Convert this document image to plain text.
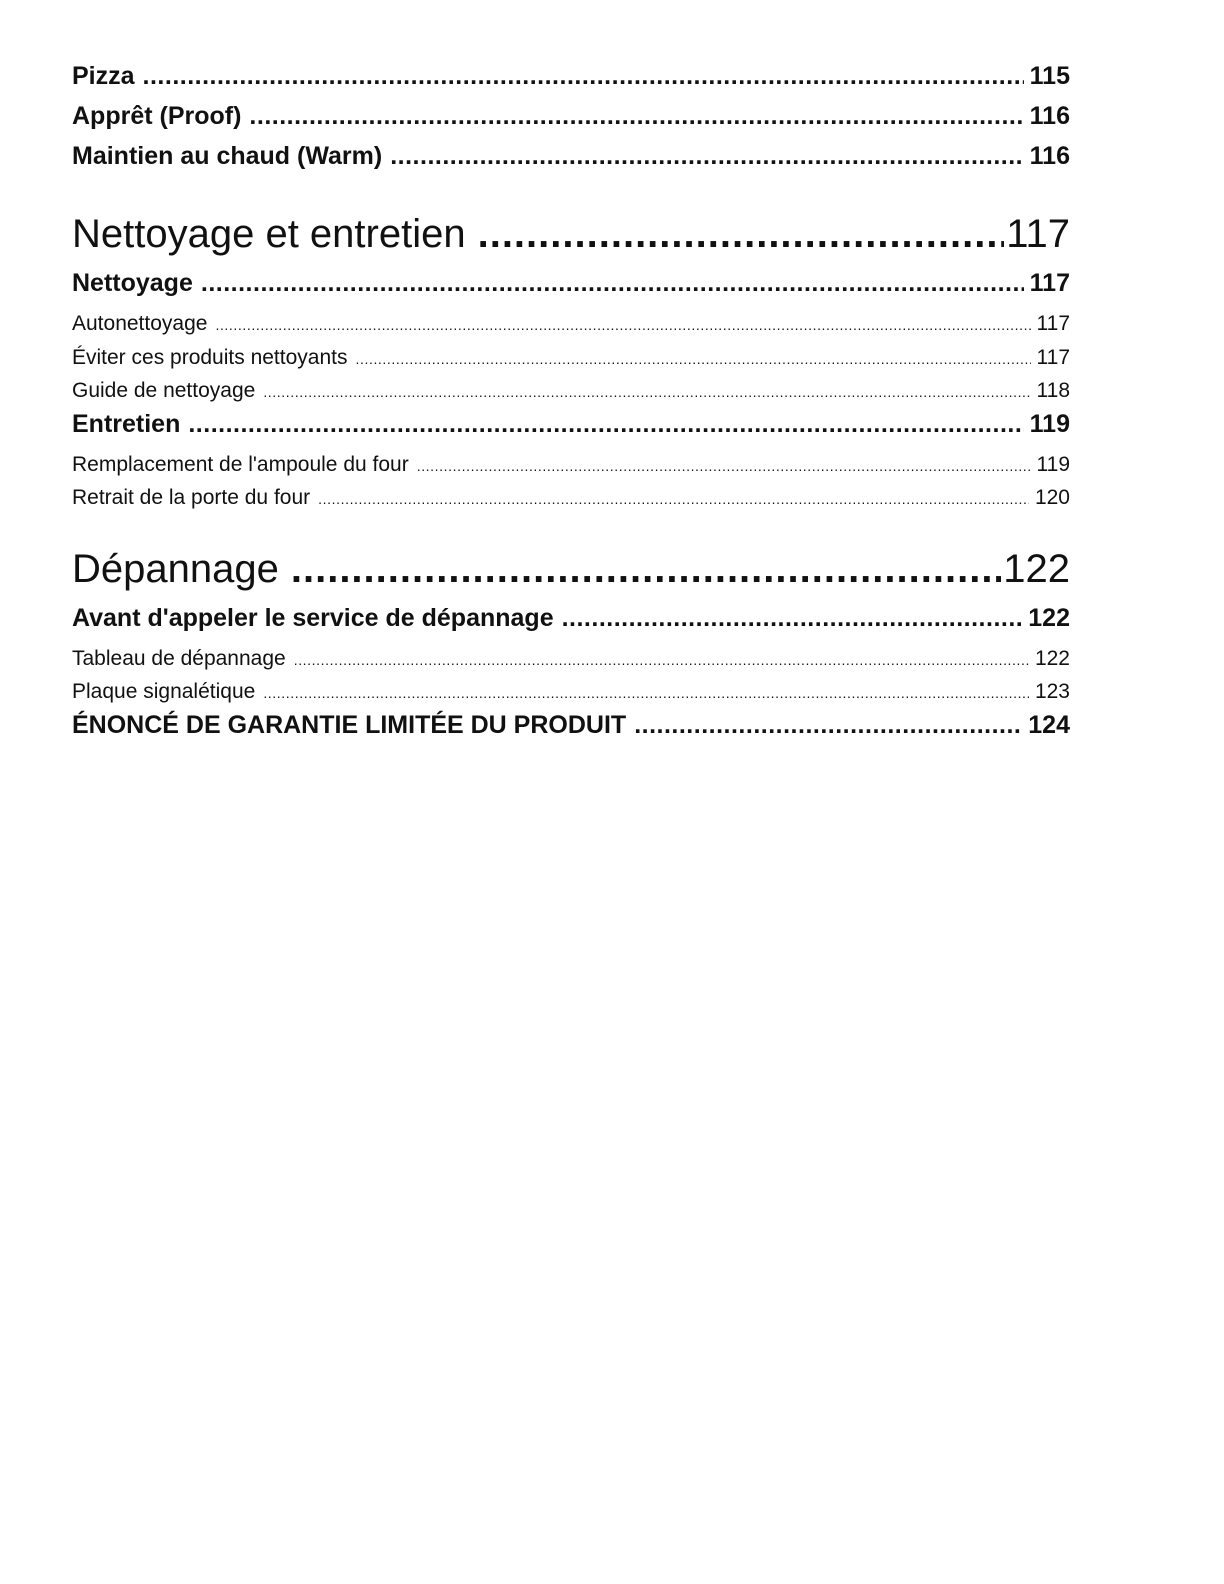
Pizza .....	115
Apprêt (Proof) .....	116
Maintien au chaud (Warm) .....	116
Nettoyage et entretien .....	117
Nettoyage .....	117
Autonettoyage .....	117
Éviter ces produits nettoyants .....	117
Guide de nettoyage .....	118
Entretien .....	119
Remplacement de l'ampoule du four .....	119
Retrait de la porte du four .....	120
Dépannage .....	122
Avant d'appeler le service de dépannage .....	122
Tableau de dépannage .....	122
Plaque signalétique .....	123
ÉNONCÉ DE GARANTIE LIMITÉE DU PRODUIT .....	124
